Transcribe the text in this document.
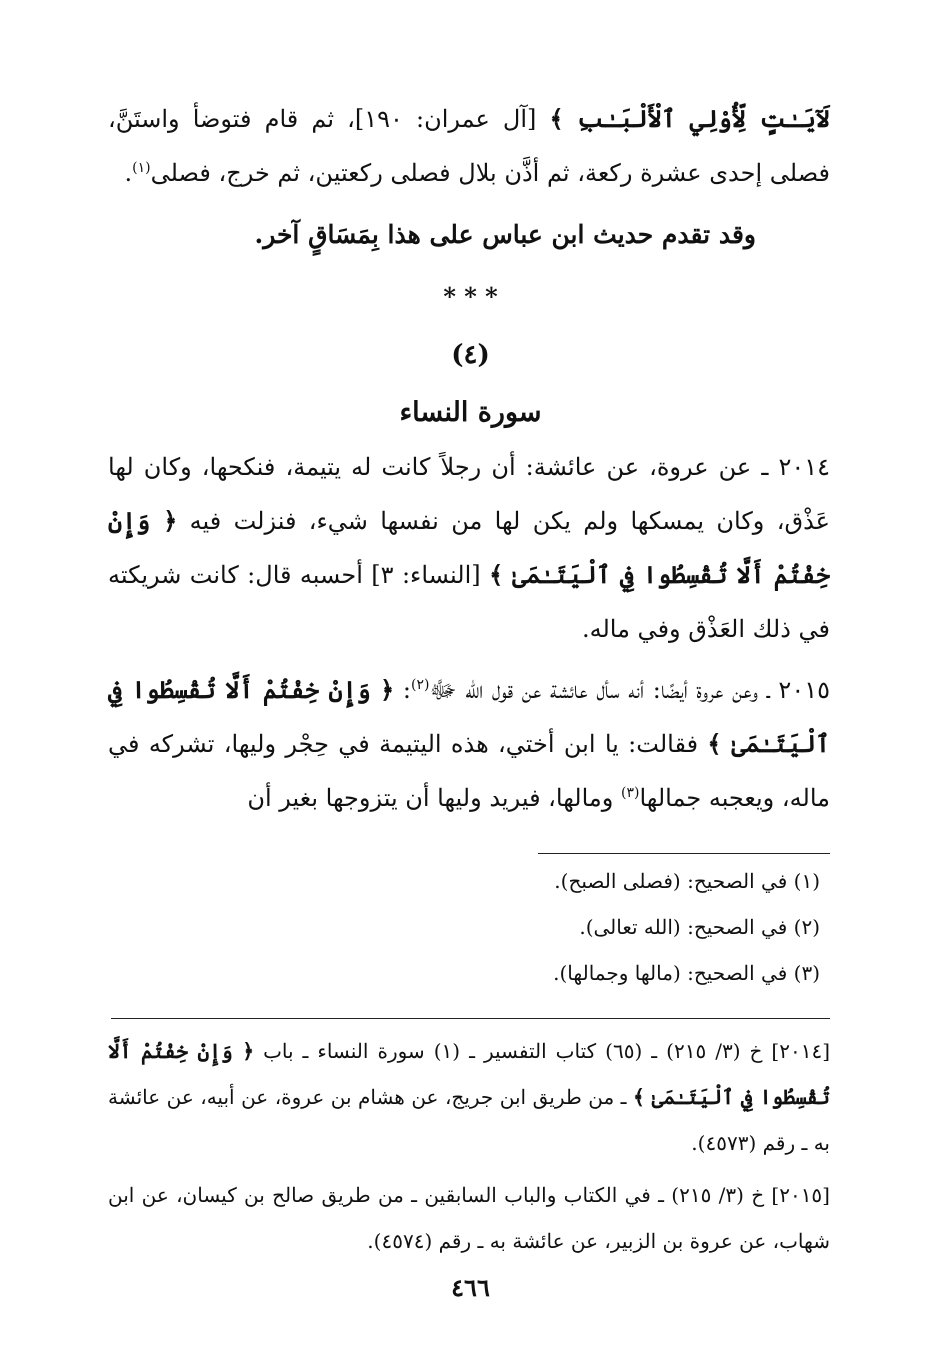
لَآيَـٰتٍ لِّأُوْلِي ٱلْأَلْبَـٰبِ ﴾ [آل عمران: ١٩٠]، ثم قام فتوضأ واستَنَّ، فصلى إحدى عشرة ركعة، ثم أذَّن بلال فصلى ركعتين، ثم خرج، فصلى$^{(١)}$.
وقد تقدم حديث ابن عباس على هذا بِمَسَاقٍ آخر.
* * *
(٤)
سورة النساء
٢٠١٤ ـ عن عروة، عن عائشة: أن رجلاً كانت له يتيمة، فنكحها، وكان لها عَذْق، وكان يمسكها ولم يكن لها من نفسها شيء، فنزلت فيه ﴿ وَإِنْ خِفْتُمْ أَلَّا تُقْسِطُوا فِي ٱلْيَتَـٰمَىٰ ﴾ [النساء: ٣] أحسبه قال: كانت شريكته في ذلك العَذْق وفي ماله.
٢٠١٥ ـ وعن عروة أيضًا: أنه سأل عائشة عن قول الله ﷻ$^{(٢)}$: ﴿ وَإِنْ خِفْتُمْ أَلَّا تُقْسِطُوا فِي ٱلْيَتَـٰمَىٰ ﴾ فقالت: يا ابن أختي، هذه اليتيمة في حِجْر وليها، تشركه في ماله، ويعجبه جمالها$^{(٣)}$ ومالها، فيريد وليها أن يتزوجها بغير أن
(١) في الصحيح: (فصلى الصبح).
(٢) في الصحيح: (الله تعالى).
(٣) في الصحيح: (مالها وجمالها).
[٢٠١٤] خ (٣/ ٢١٥) ـ (٦٥) كتاب التفسير ـ (١) سورة النساء ـ باب ﴿ وَإِنْ خِفْتُمْ أَلَّا تُقْسِطُوا فِي ٱلْيَتَـٰمَىٰ ﴾ ـ من طريق ابن جريج، عن هشام بن عروة، عن أبيه، عن عائشة به ـ رقم (٤٥٧٣).
[٢٠١٥] خ (٣/ ٢١٥) ـ في الكتاب والباب السابقين ـ من طريق صالح بن كيسان، عن ابن شهاب، عن عروة بن الزبير، عن عائشة به ـ رقم (٤٥٧٤).
٤٦٦
